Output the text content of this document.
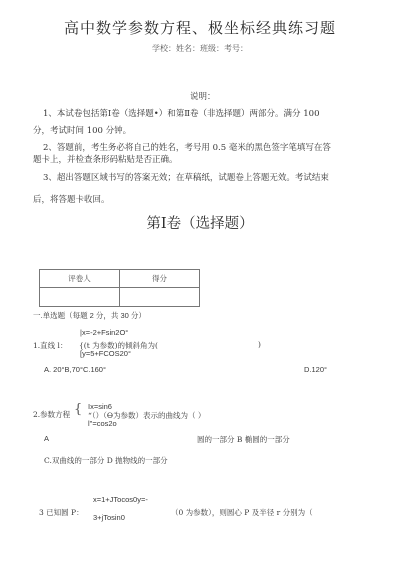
高中数学参数方程、极坐标经典练习题
学校：姓名：班级：考号：
说明：
1、本试卷包括第Ⅰ卷（选择题•）和第Ⅱ卷（非选择题）两部分。满分 100
分，考试时间 100 分钟。
2、答题前，考生务必将自己的姓名，考号用 0.5 毫米的黑色签字笔填写在答
题卡上，并检查条形码粘贴是否正确。
3、超出答题区域书写的答案无效；在草稿纸，试题卷上答题无效。考试结束
后，将答题卡收回。
第Ⅰ卷（选择题）
评卷人	得分

一.单选题（每题 2 分，共 30 分）
|x=-2+Fsin2O°
1.直线 l： {(t 为参数)的倾斜角为(	)
[y=5+FCOS20°
A. 20°B,70°C.160°	D.120°
Ix=sin6
2.参数方程 { “（）（Ɵ为参数）表示的曲线为（ ）
l"=cos2o
A	圆的一部分 B 椭圆的一部分
C.双曲线的一部分 D 抛物线的一部分
x=1+JTocos0y=-
3 已知圆 P：	（0 为参数），则圆心 P 及半径 r 分别为（
3+jTosin0
